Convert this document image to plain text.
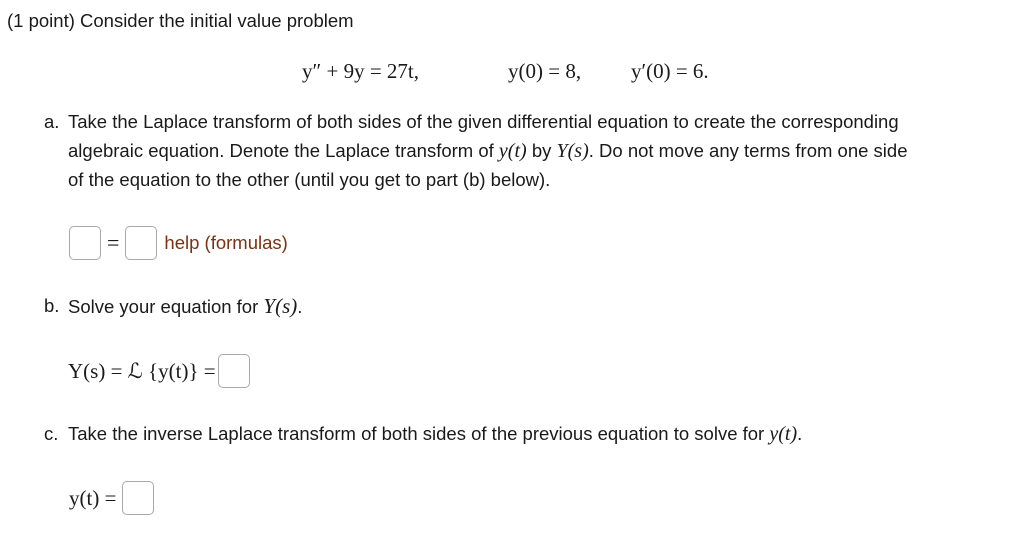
(1 point) Consider the initial value problem
y″ + 9y = 27t,	y(0) = 8, y′(0) = 6.
a. Take the Laplace transform of both sides of the given differential equation to create the corresponding
algebraic equation. Denote the Laplace transform of y(t) by Y(s). Do not move any terms from one side
of the equation to the other (until you get to part (b) below).
= help (formulas)
b. Solve your equation for Y(s).
Y(s) = ℒ {y(t)} =
c. Take the inverse Laplace transform of both sides of the previous equation to solve for y(t).
y(t) =
